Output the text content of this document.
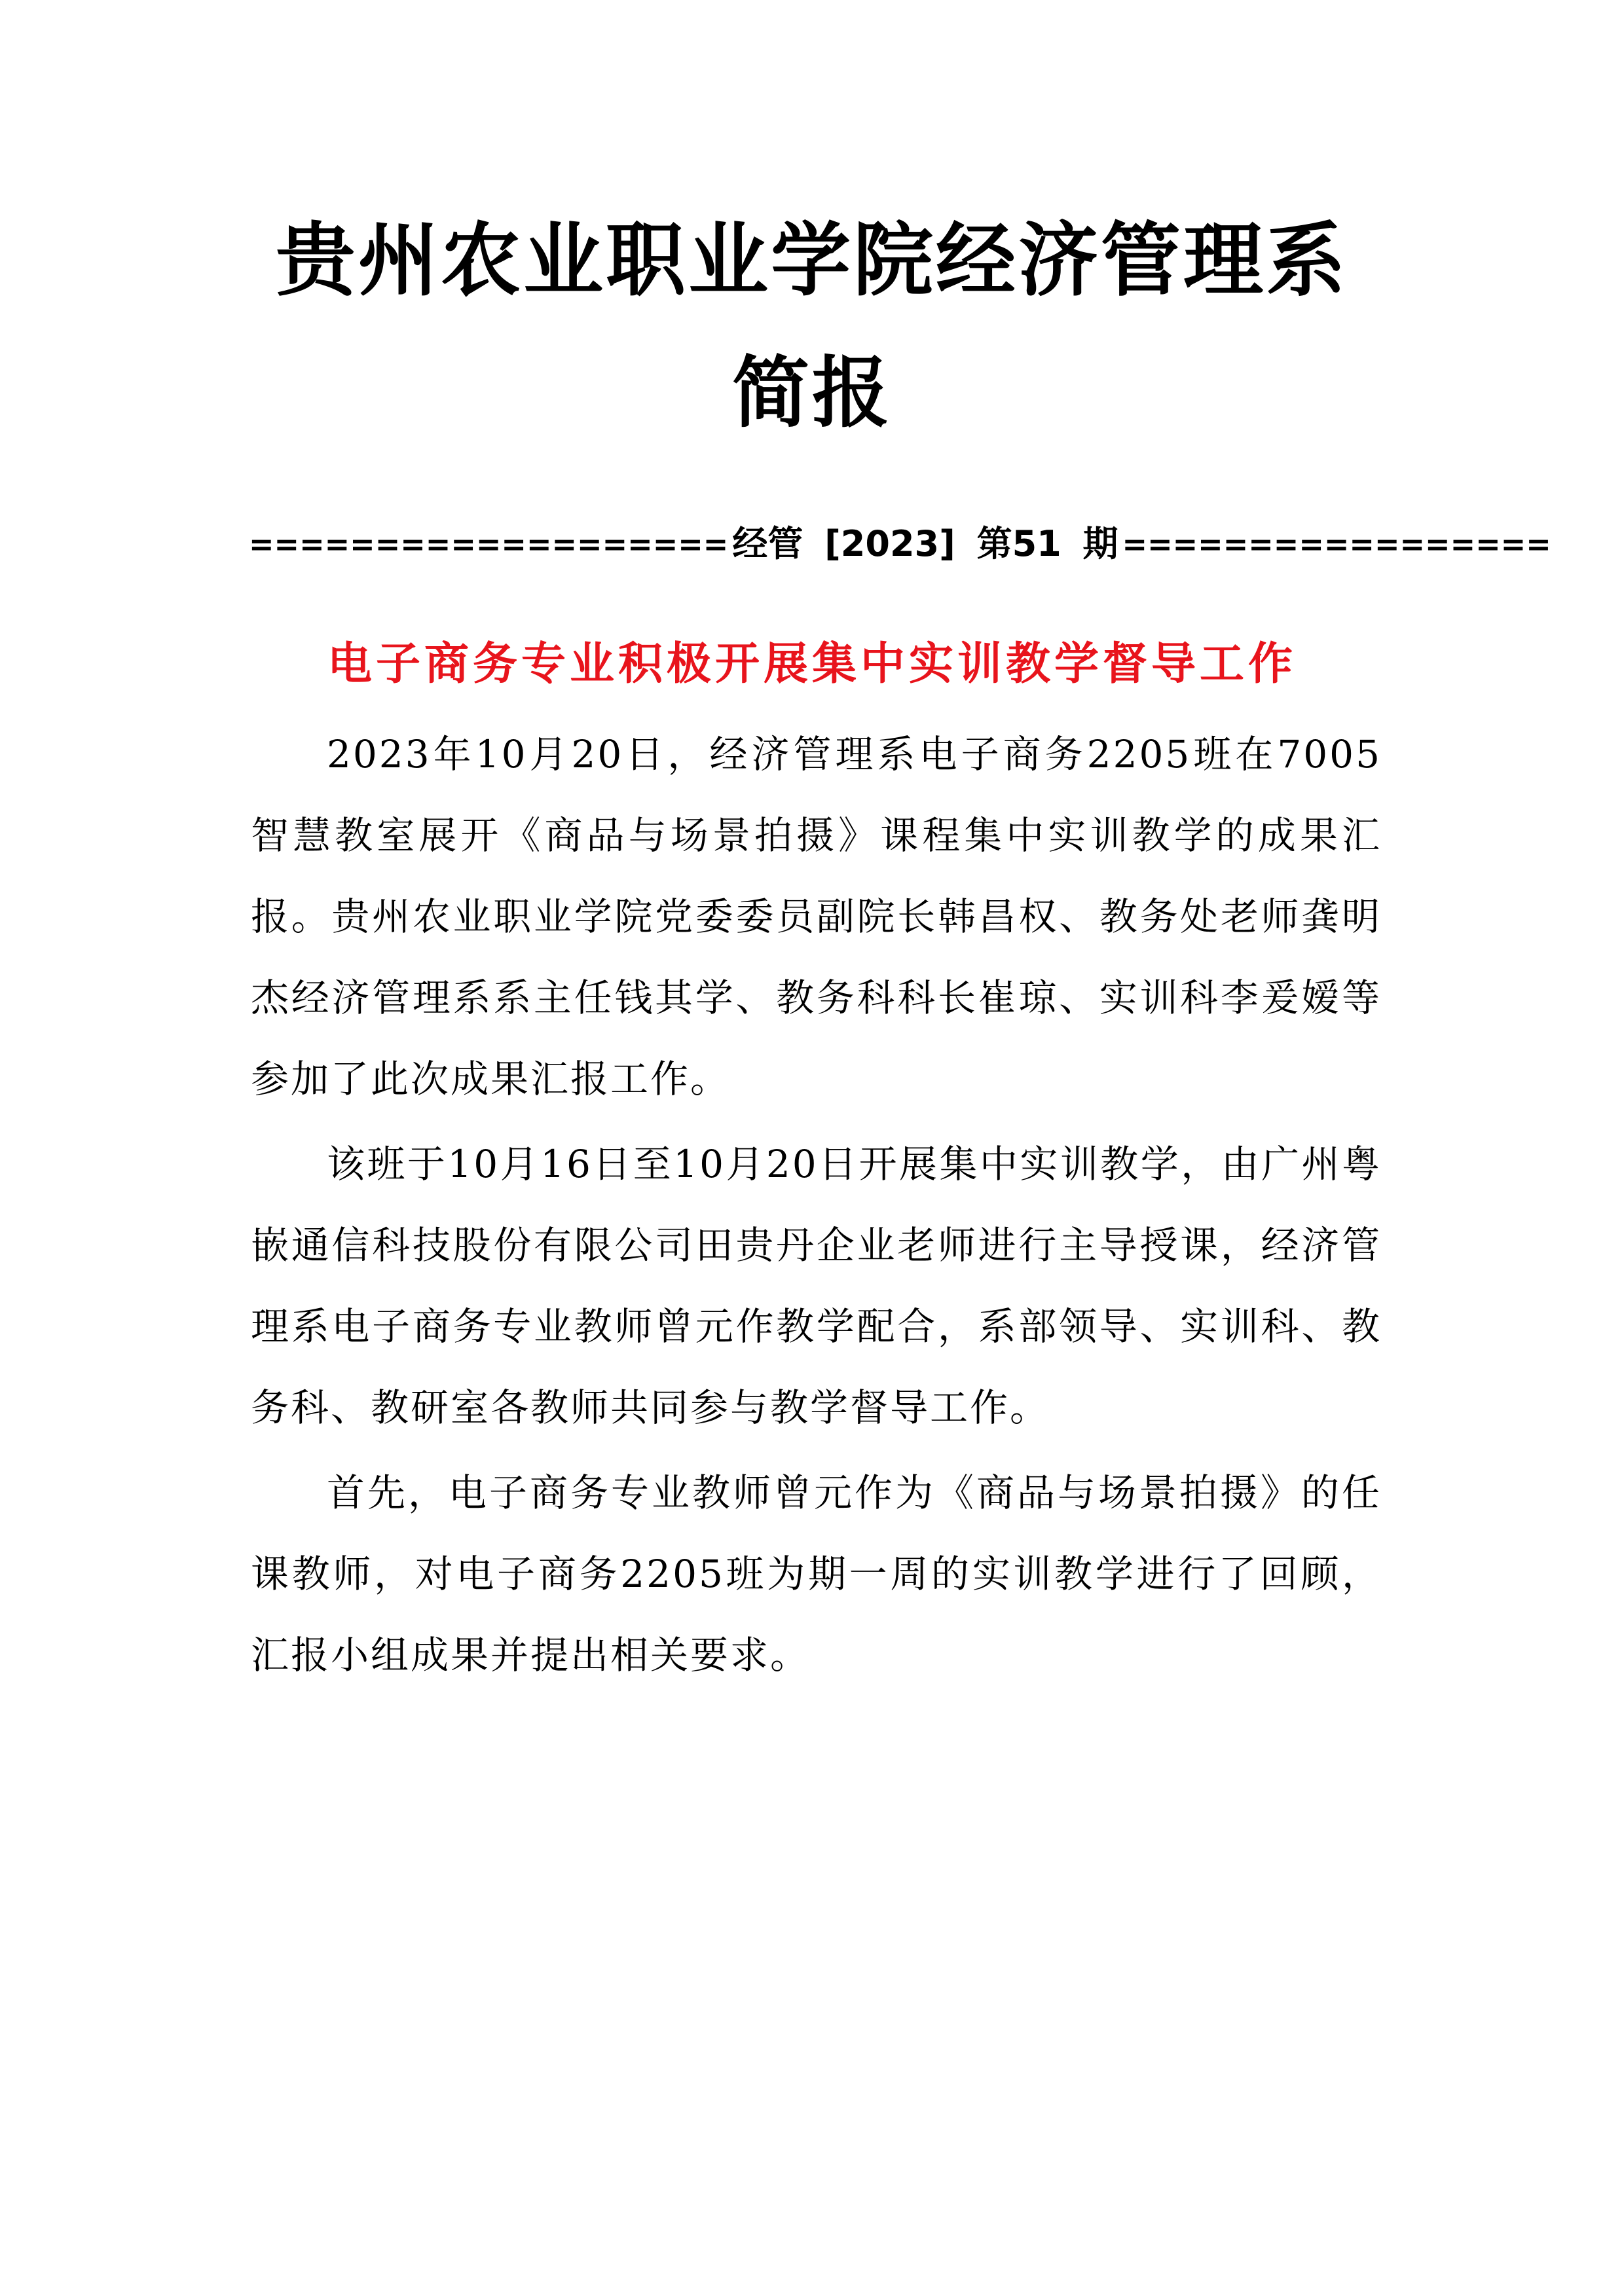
贵州农业职业学院经济管理系
简报
=================== 经管 [2023] 第51 期 =================
电子商务专业积极开展集中实训教学督导工作

2023年10月20日，经济管理系电子商务2205班在7005智慧教室展开《商品与场景拍摄》课程集中实训教学的成果汇报。贵州农业职业学院党委委员副院长韩昌权、教务处老师龚明杰经济管理系系主任钱其学、教务科科长崔琼、实训科李爰嫒等参加了此次成果汇报工作。

该班于10月16日至10月20日开展集中实训教学，由广州粤嵌通信科技股份有限公司田贵丹企业老师进行主导授课，经济管理系电子商务专业教师曾元作教学配合，系部领导、实训科、教务科、教研室各教师共同参与教学督导工作。

首先，电子商务专业教师曾元作为《商品与场景拍摄》的任课教师，对电子商务2205班为期一周的实训教学进行了回顾，汇报小组成果并提出相关要求。
